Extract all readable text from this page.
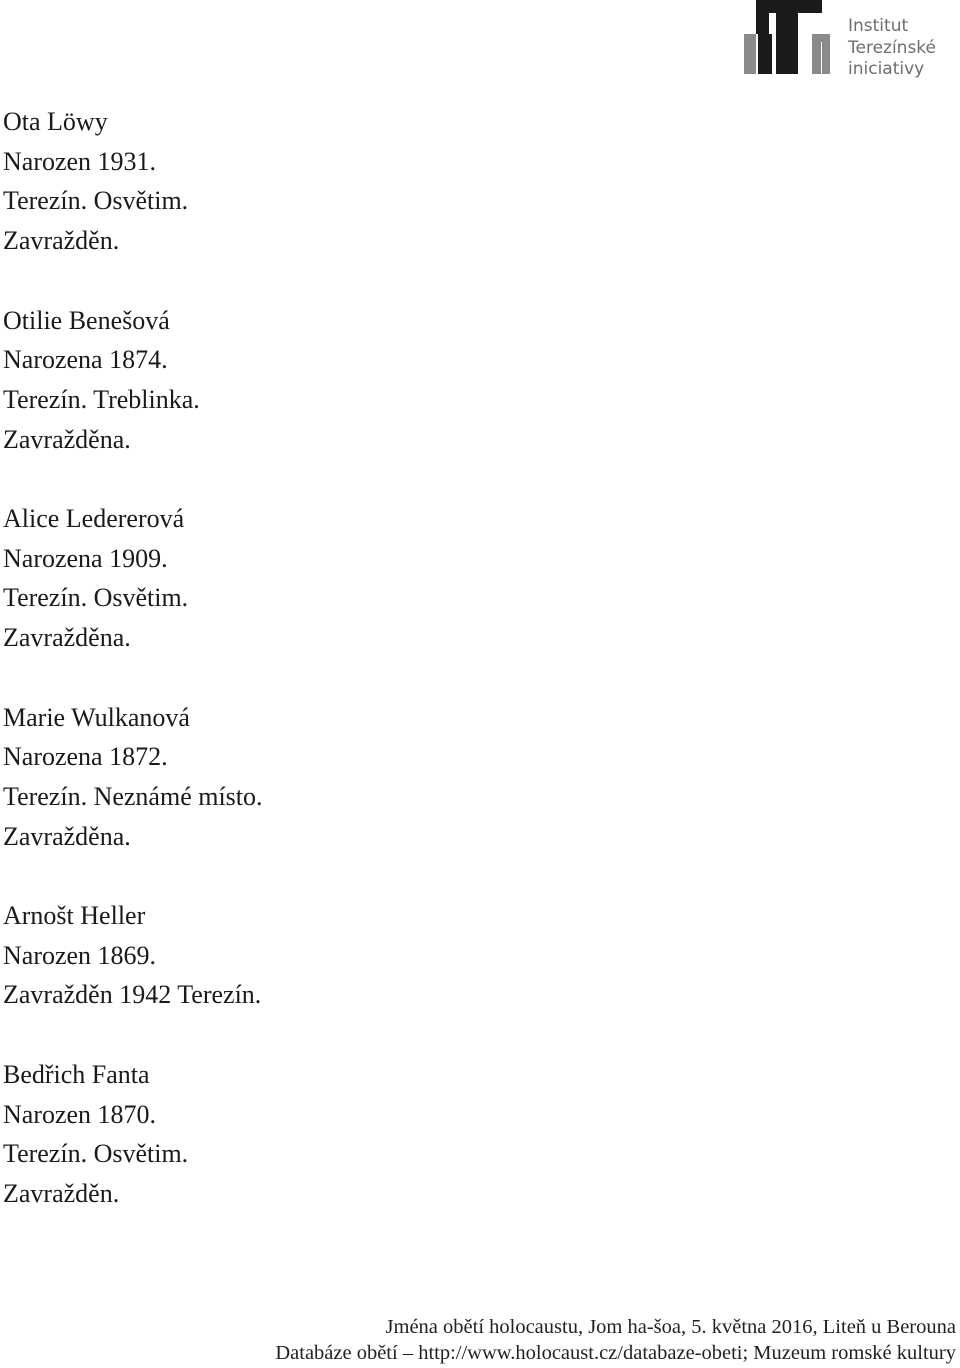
Institut
Terezínské
iniciativy
Ota Löwy
Narozen 1931.
Terezín. Osvětim.
Zavražděn.
Otilie Benešová
Narozena 1874.
Terezín. Treblinka.
Zavražděna.
Alice Ledererová
Narozena 1909.
Terezín. Osvětim.
Zavražděna.
Marie Wulkanová
Narozena 1872.
Terezín. Neznámé místo.
Zavražděna.
Arnošt Heller
Narozen 1869.
Zavražděn 1942 Terezín.
Bedřich Fanta
Narozen 1870.
Terezín. Osvětim.
Zavražděn.
Jména obětí holocaustu, Jom ha-šoa, 5. května 2016, Liteň u Berouna
Databáze obětí – http://www.holocaust.cz/databaze-obeti; Muzeum romské kultury
